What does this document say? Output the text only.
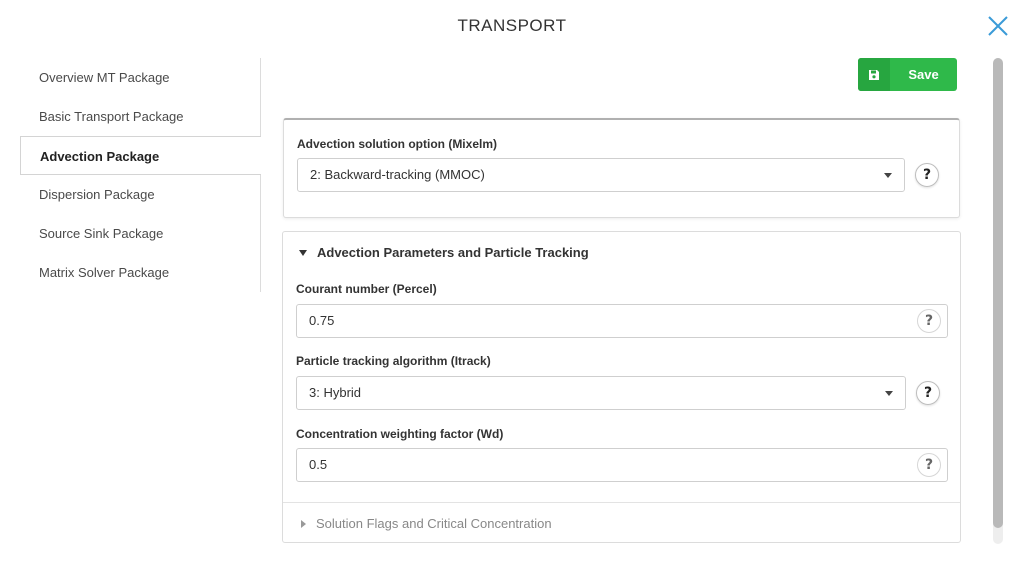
TRANSPORT
Overview MT Package
Basic Transport Package
Advection Package
Dispersion Package
Source Sink Package
Matrix Solver Package
Save
Advection solution option (Mixelm)
2: Backward-tracking (MMOC)	?
Advection Parameters and Particle Tracking
Courant number (Percel)
0.75	?
Particle tracking algorithm (Itrack)
3: Hybrid	?
Concentration weighting factor (Wd)
0.5	?
Solution Flags and Critical Concentration
